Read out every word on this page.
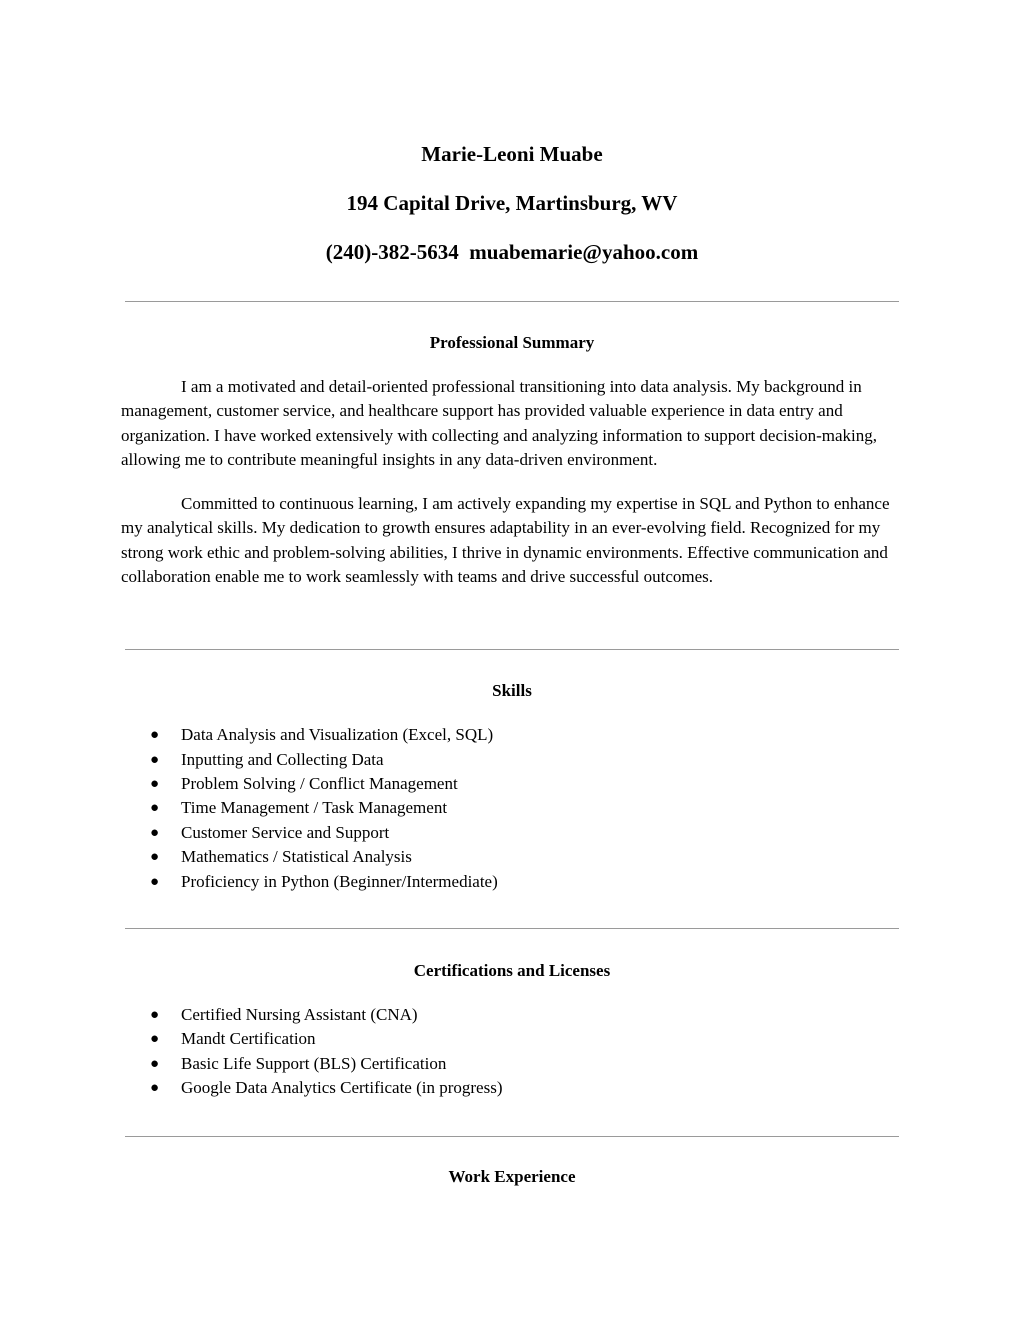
Marie-Leoni Muabe
194 Capital Drive, Martinsburg, WV
(240)-382-5634  muabemarie@yahoo.com
Professional Summary
I am a motivated and detail-oriented professional transitioning into data analysis. My background in management, customer service, and healthcare support has provided valuable experience in data entry and organization. I have worked extensively with collecting and analyzing information to support decision-making, allowing me to contribute meaningful insights in any data-driven environment.
Committed to continuous learning, I am actively expanding my expertise in SQL and Python to enhance my analytical skills. My dedication to growth ensures adaptability in an ever-evolving field. Recognized for my strong work ethic and problem-solving abilities, I thrive in dynamic environments. Effective communication and collaboration enable me to work seamlessly with teams and drive successful outcomes.
Skills
● Data Analysis and Visualization (Excel, SQL)
● Inputting and Collecting Data
● Problem Solving / Conflict Management
● Time Management / Task Management
● Customer Service and Support
● Mathematics / Statistical Analysis
● Proficiency in Python (Beginner/Intermediate)
Certifications and Licenses
● Certified Nursing Assistant (CNA)
● Mandt Certification
● Basic Life Support (BLS) Certification
● Google Data Analytics Certificate (in progress)
Work Experience
